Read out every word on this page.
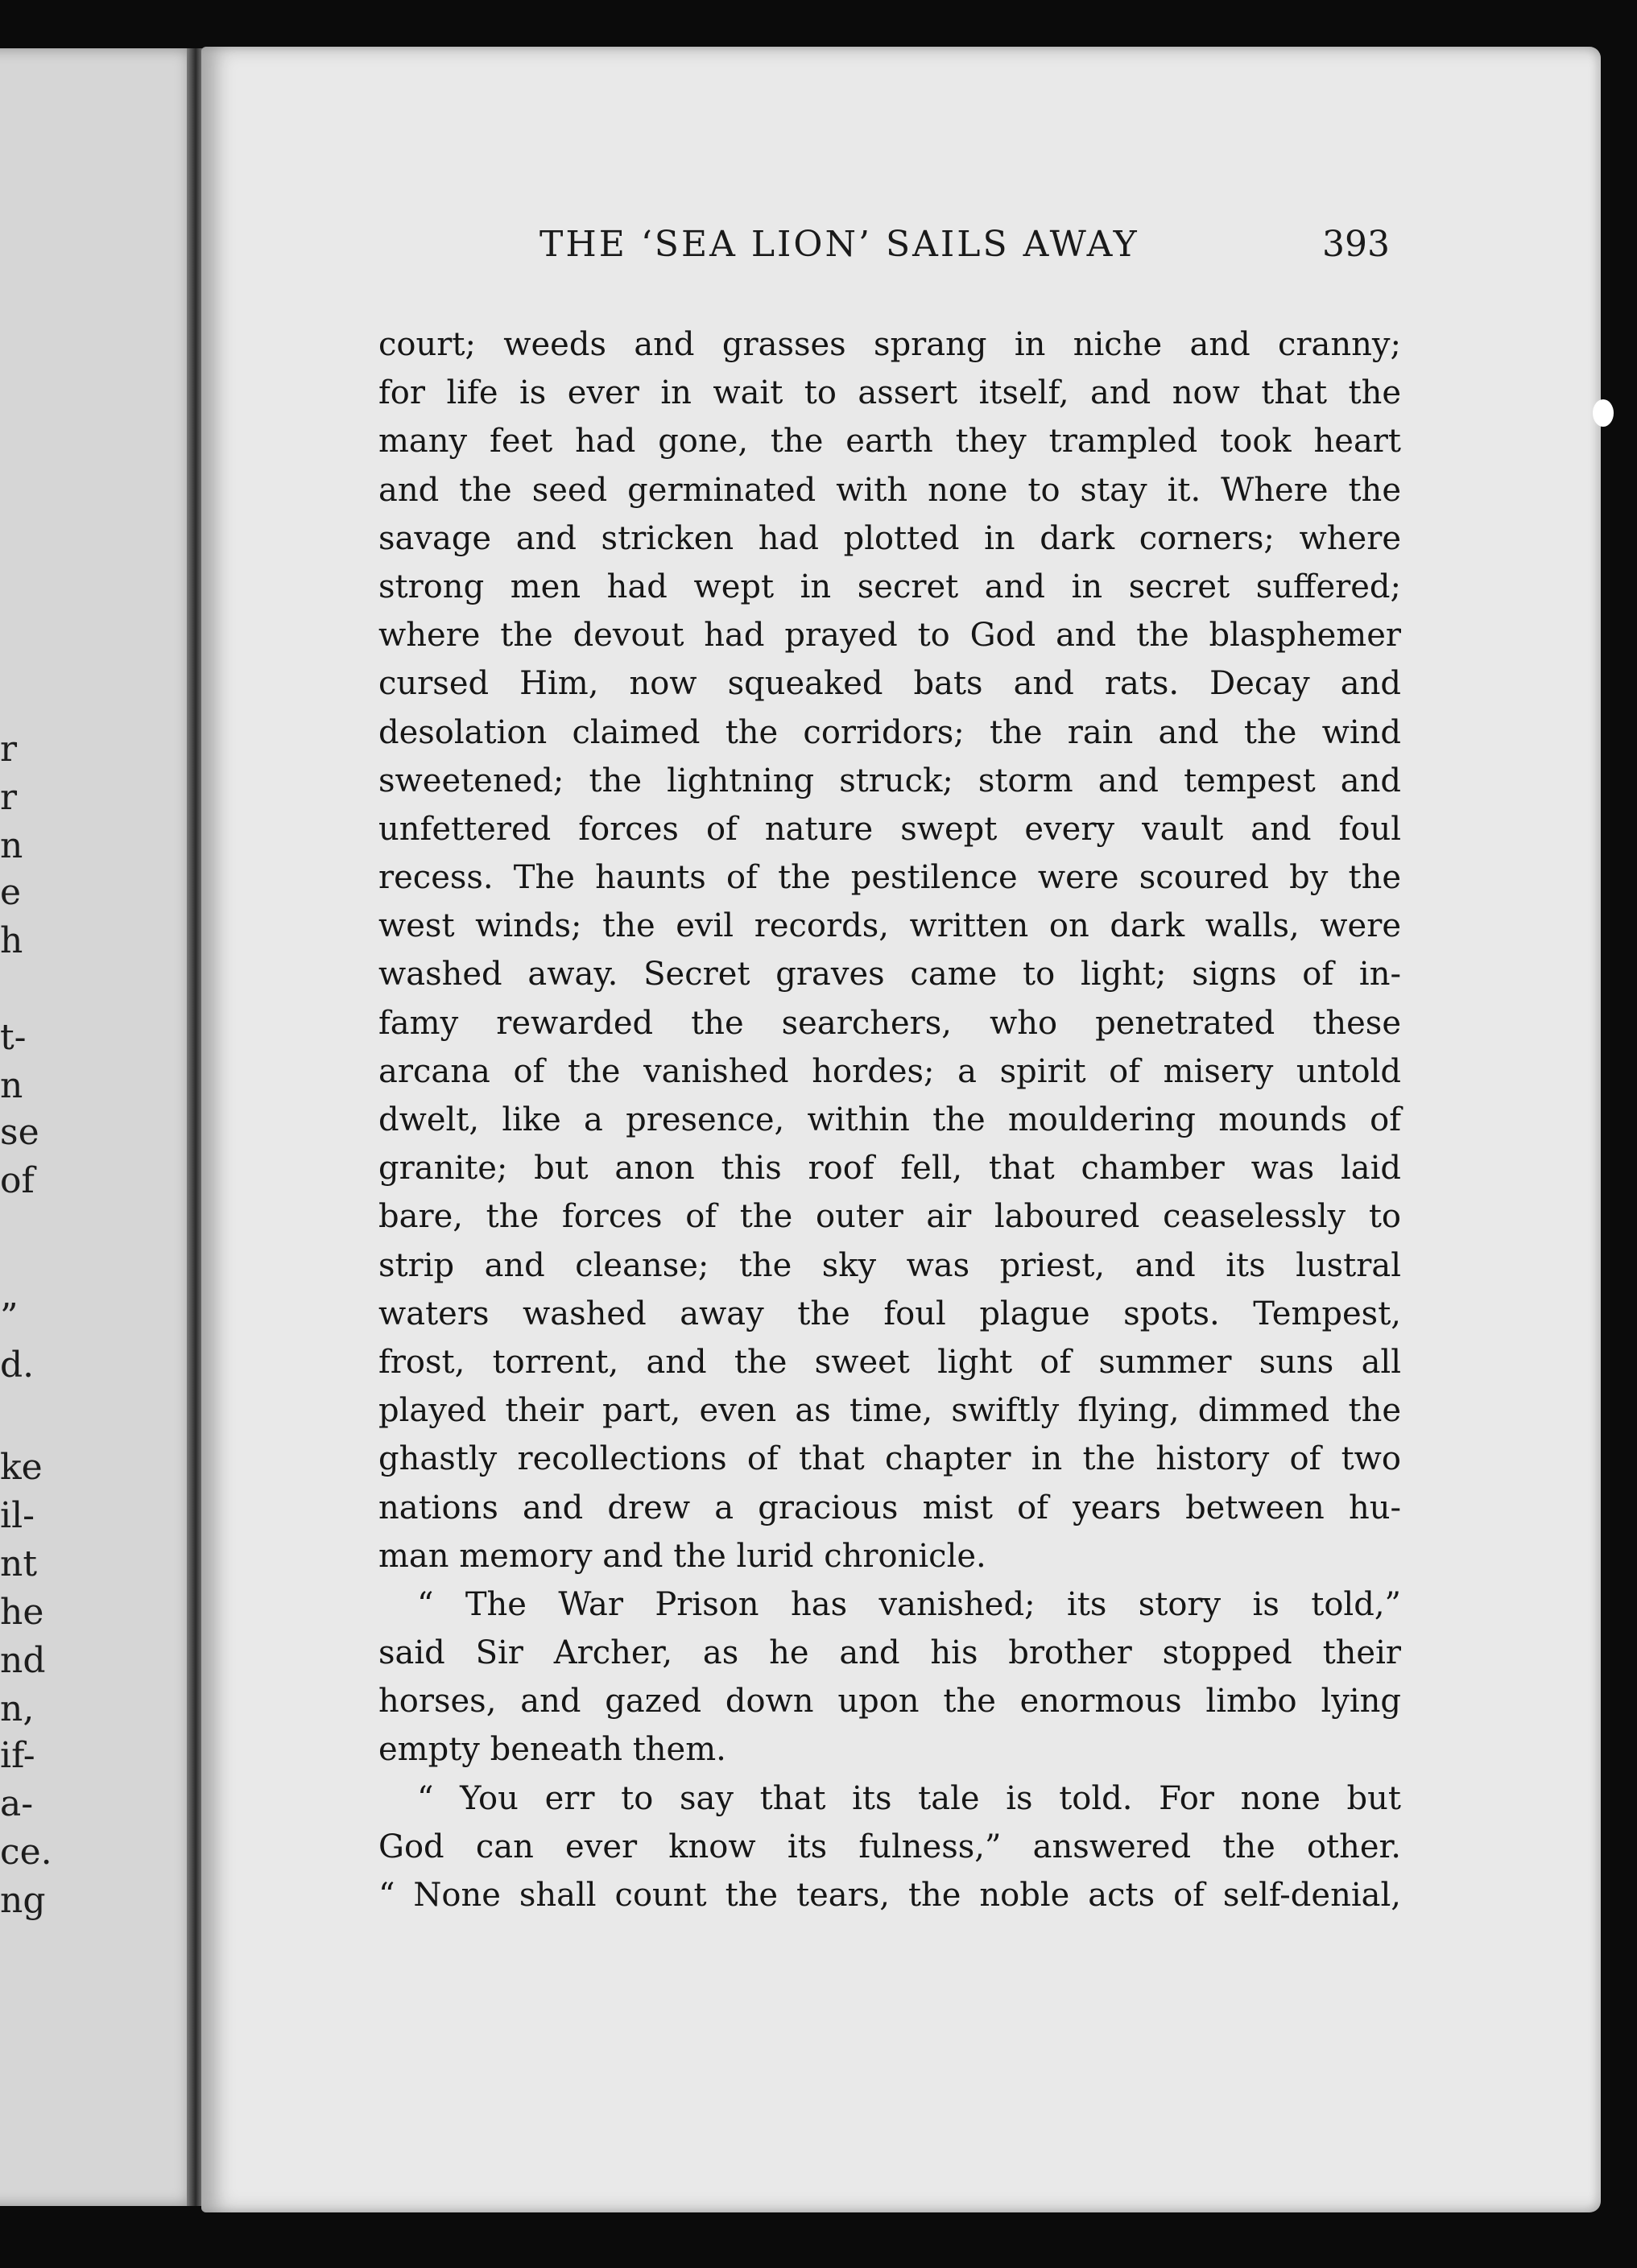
r
r
n
e
h
t-
n
se
of
”
d.
ke
il-
nt
he
nd
n,
if-
a-
ce.
ng
THE ‘SEA LION’ SAILS AWAY	393
court; weeds and grasses sprang in niche and cranny;
for life is ever in wait to assert itself, and now that the
many feet had gone, the earth they trampled took heart
and the seed germinated with none to stay it. Where the
savage and stricken had plotted in dark corners; where
strong men had wept in secret and in secret suffered;
where the devout had prayed to God and the blasphemer
cursed Him, now squeaked bats and rats. Decay and
desolation claimed the corridors; the rain and the wind
sweetened; the lightning struck; storm and tempest and
unfettered forces of nature swept every vault and foul
recess. The haunts of the pestilence were scoured by the
west winds; the evil records, written on dark walls, were
washed away. Secret graves came to light; signs of in-
famy rewarded the searchers, who penetrated these
arcana of the vanished hordes; a spirit of misery untold
dwelt, like a presence, within the mouldering mounds of
granite; but anon this roof fell, that chamber was laid
bare, the forces of the outer air laboured ceaselessly to
strip and cleanse; the sky was priest, and its lustral
waters washed away the foul plague spots. Tempest,
frost, torrent, and the sweet light of summer suns all
played their part, even as time, swiftly flying, dimmed the
ghastly recollections of that chapter in the history of two
nations and drew a gracious mist of years between hu-
man memory and the lurid chronicle.
“ The War Prison has vanished; its story is told,”
said Sir Archer, as he and his brother stopped their
horses, and gazed down upon the enormous limbo lying
empty beneath them.
“ You err to say that its tale is told. For none but
God can ever know its fulness,” answered the other.
“ None shall count the tears, the noble acts of self-denial,
